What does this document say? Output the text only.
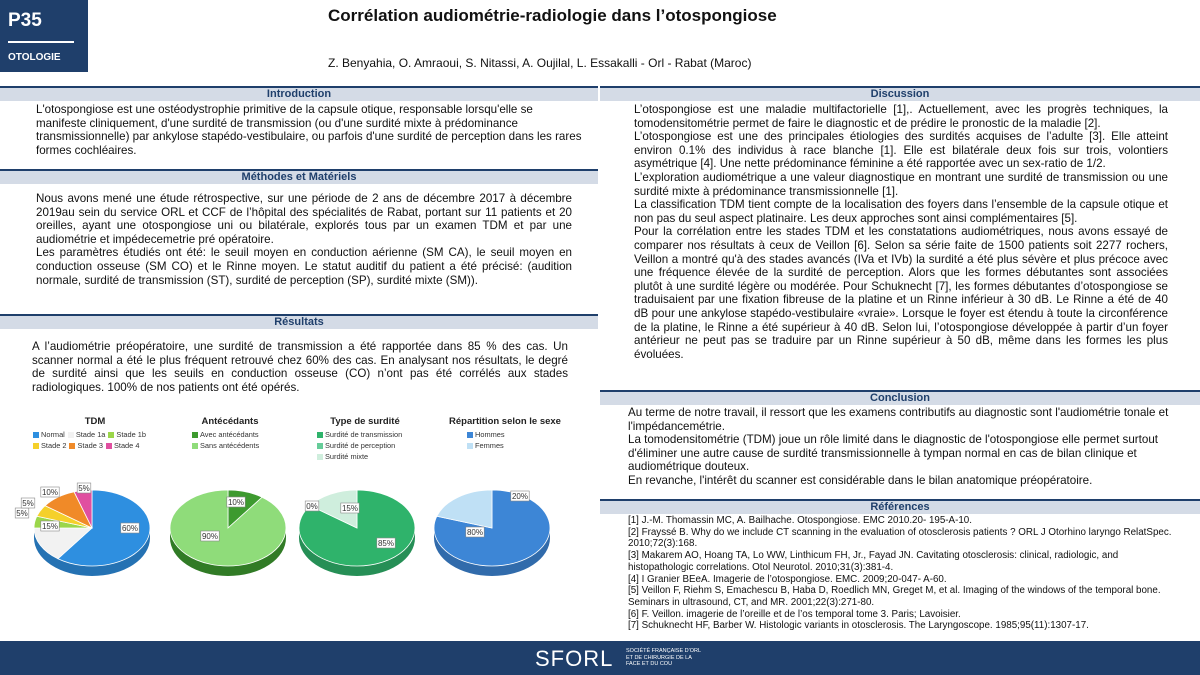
P35
OTOLOGIE
Corrélation audiométrie-radiologie dans l’otospongiose
Z. Benyahia, O. Amraoui, S. Nitassi, A. Oujilal, L. Essakalli - Orl - Rabat (Maroc)
Introduction
L'otospongiose est une ostéodystrophie primitive de la capsule otique, responsable lorsqu'elle se manifeste cliniquement, d'une surdité de transmission (ou d'une surdité mixte à prédominance transmissionnelle) par ankylose stapédo-vestibulaire, ou parfois d'une surdité de perception dans les rares formes cochléaires.
Méthodes et Matériels

Nous avons mené une étude rétrospective, sur une période de 2 ans de décembre 2017 à décembre 2019au sein du service ORL et CCF de l’hôpital des spécialités de Rabat, portant sur 11 patients et 20 oreilles, ayant une otospongiose uni ou bilatérale, explorés tous par un examen TDM et par une audiométrie et impédecemetrie pré opératoire.

Les paramètres étudiés ont été: le seuil moyen en conduction aérienne (SM CA), le seuil moyen en conduction osseuse (SM CO) et le Rinne moyen. Le statut auditif du patient a été précisé: (audition normale, surdité de transmission (ST), surdité de perception (SP), surdité mixte (SM)).

Résultats
A l’audiométrie préopératoire, une surdité de transmission a été rapportée dans 85 % des cas. Un scanner normal a été le plus fréquent retrouvé chez 60% des cas. En analysant nos résultats, le degré de surdité ainsi que les seuils en conduction osseuse (CO) n’ont pas été corrélés aux stades radiologiques. 100% de nos patients ont été opérés.
TDM
Normal Stade 1a Stade 1bStade 2 Stade 3 Stade 4
Antécédants
Avec antécédants
Sans antécédents
Type de surdité
Surdité de transmission
Surdité de perception
Surdité mixte
Répartition selon le sexe
Hommes
Femmes
60%
15%
5%
5%
10%	5%
10%
90%
85%
0%	15%
80%
20%
Discussion

L’otospongiose est une maladie multifactorielle [1],. Actuellement, avec les progrès techniques, la tomodensitométrie permet de faire le diagnostic et de prédire le pronostic de la maladie [2].

L’otospongiose est une des principales étiologies des surdités acquises de l’adulte [3]. Elle atteint environ 0.1% des individus à race blanche [1]. Elle est bilatérale deux fois sur trois, volontiers asymétrique [4]. Une nette prédominance féminine a été rapportée avec un sex-ratio de 1/2.

L’exploration audiométrique a une valeur diagnostique en montrant une surdité de transmission ou une surdité mixte à prédominance transmissionnelle [1].

La classification TDM tient compte de la localisation des foyers dans l’ensemble de la capsule otique et non pas du seul aspect platinaire. Les deux approches sont ainsi complémentaires [5].

Pour la corrélation entre les stades TDM et les constatations audiométriques, nous avons essayé de comparer nos résultats à ceux de Veillon [6]. Selon sa série faite de 1500 patients soit 2277 rochers, Veillon a montré qu'à des stades avancés (IVa et IVb) la surdité a été plus sévère et plus précoce avec une fréquence élevée de la surdité de perception. Alors que les formes débutantes sont associées plutôt à une surdité légère ou modérée. Pour Schuknecht [7], les formes débutantes d’otospongiose se traduisaient par une fixation fibreuse de la platine et un Rinne inférieur à 30 dB. Le Rinne a été de 40 dB pour une ankylose stapédo-vestibulaire «vraie». Lorsque le foyer est étendu à toute la circonférence de la platine, le Rinne a été supérieur à 40 dB. Selon lui, l’otospongiose développée à partir d’un foyer antérieur ne peut pas se traduire par un Rinne supérieur à 50 dB, même dans les formes les plus évoluées.

Conclusion

Au terme de notre travail, il ressort que les examens contributifs au diagnostic sont l'audiométrie tonale et l'impédancemétrie.

La tomodensitométrie (TDM) joue un rôle limité dans le diagnostic de l'otospongiose elle permet surtout d'éliminer une autre cause de surdité transmissionnelle à tympan normal en cas de bilan clinique et audiométrique douteux.

En revanche, l'intérêt du scanner est considérable dans le bilan anatomique préopératoire.

Références

[1] J.-M. Thomassin MC, A. Bailhache. Otospongiose. EMC 2010.20- 195-A-10.

[2] Frayssé B. Why do we include CT scanning in the evaluation of otosclerosis patients ? ORL J Otorhino laryngo RelatSpec. 2010;72(3):168.

[3] Makarem AO, Hoang TA, Lo WW, Linthicum FH, Jr., Fayad JN. Cavitating otosclerosis: clinical, radiologic, and histopathologic correlations. Otol Neurotol. 2010;31(3):381-4.

[4] I Granier BEeA. Imagerie de l’otospongiose. EMC. 2009;20-047- A-60.

[5] Veillon F, Riehm S, Emachescu B, Haba D, Roedlich MN, Greget M, et al. Imaging of the windows of the temporal bone. Seminars in ultrasound, CT, and MR. 2001;22(3):271-80.

[6] F. Veillon. imagerie de l’oreille et de l’os temporal tome 3. Paris; Lavoisier.

[7] Schuknecht HF, Barber W. Histologic variants in otosclerosis. The Laryngoscope. 1985;95(11):1307-17.

SFORL SOCIÉTÉ FRANÇAISE D'ORL ET DE CHIRURGIE DE LA FACE ET DU COU
